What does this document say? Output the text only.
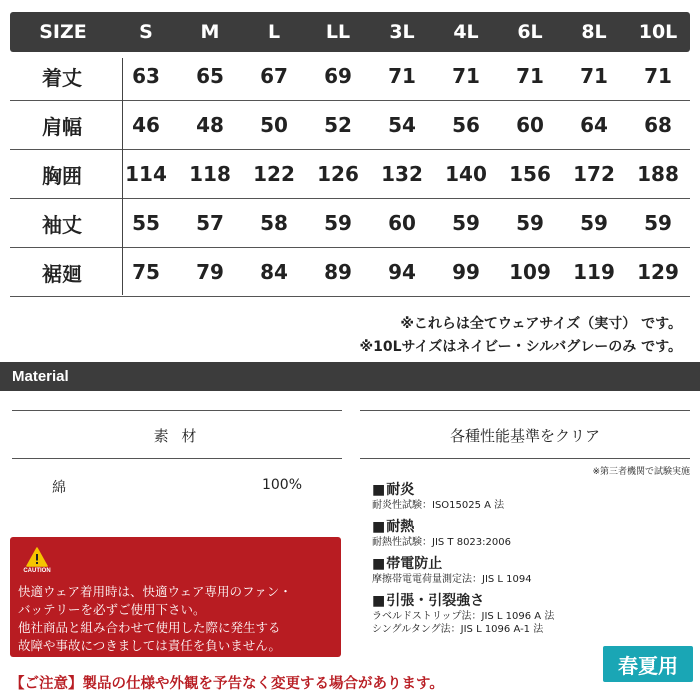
SIZE	S	M	L	LL	3L	4L	6L	8L	10L
着丈	63	65	67	69	71	71	71	71	71
肩幅	46	48	50	52	54	56	60	64	68
胸囲	114	118	122	126	132	140	156	172	188
袖丈	55	57	58	59	60	59	59	59	59
裾廻	75	79	84	89	94	99	109	119	129
※これらは全てウェアサイズ（実寸） です。
※10Lサイズはネイビー・シルバグレーのみ です。
Material
素 材
綿	100%
各種性能基準をクリア
※第三者機関で試験実施
■ 耐炎
耐炎性試験：ISO15025 A 法
■ 耐熱
耐熱性試験：JIS T 8023:2006
■ 帯電防止
摩擦帯電電荷量測定法：JIS L 1094
■ 引張・引裂強さ
ラベルドストリップ法：JIS L 1096 A 法
シングルタング法：JIS L 1096 A-1 法
CAUTION
快適ウェア着用時は、快適ウェア専用のファン・
バッテリーを必ずご使用下さい。
他社商品と組み合わせて使用した際に発生する
故障や事故につきましては責任を負いません。
【ご注意】製品の仕様や外観を予告なく変更する場合があります。
春夏用
